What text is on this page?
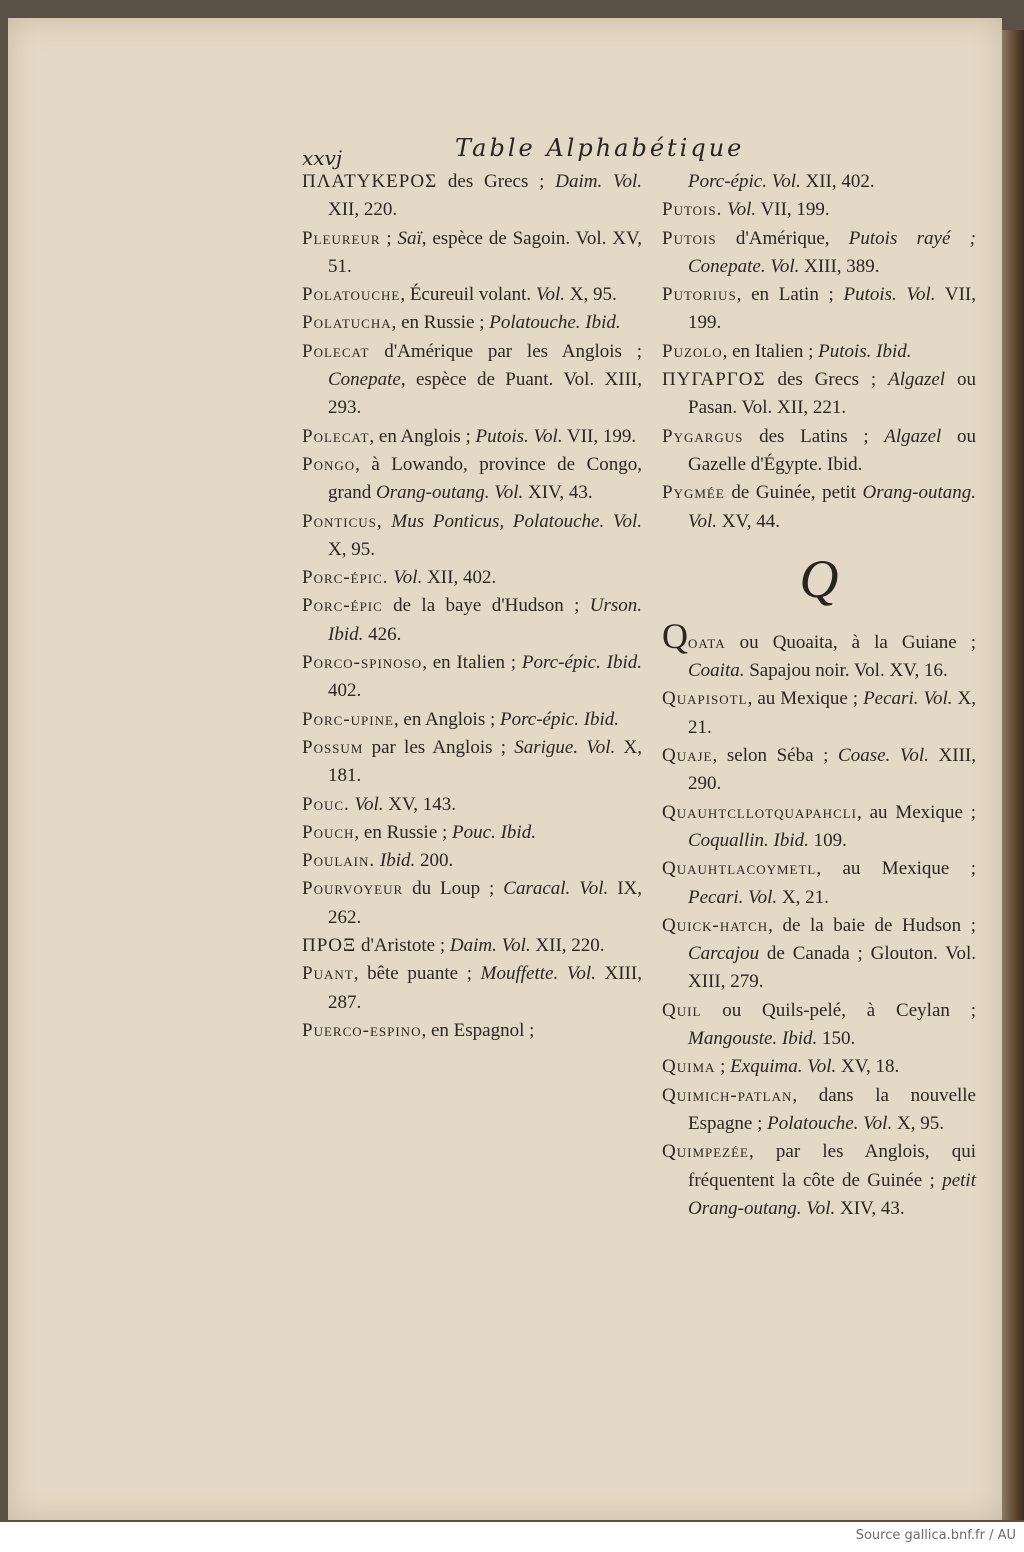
xxvj	Table Alphabétique
ΠΛΑΤΥΚΕΡΟΣ des Grecs ; Daim. Vol. XII, 220.
Pleureur ; Saï, espèce de Sagoin. Vol. XV, 51.
Polatouche, Écureuil volant. Vol. X, 95.
Polatucha, en Russie ; Polatouche. Ibid.
Polecat d'Amérique par les Anglois ; Conepate, espèce de Puant. Vol. XIII, 293.
Polecat, en Anglois ; Putois. Vol. VII, 199.
Pongo, à Lowando, province de Congo, grand Orang-outang. Vol. XIV, 43.
Ponticus, Mus Ponticus, Polatouche. Vol. X, 95.
Porc-épic. Vol. XII, 402.
Porc-épic de la baye d'Hudson ; Urson. Ibid. 426.
Porco-spinoso, en Italien ; Porc-épic. Ibid. 402.
Porc-upine, en Anglois ; Porc-épic. Ibid.
Possum par les Anglois ; Sarigue. Vol. X, 181.
Pouc. Vol. XV, 143.
Pouch, en Russie ; Pouc. Ibid.
Poulain. Ibid. 200.
Pourvoyeur du Loup ; Caracal. Vol. IX, 262.
ΠΡΟΞ d'Aristote ; Daim. Vol. XII, 220.
Puant, bête puante ; Mouffette. Vol. XIII, 287.
Puerco-espino, en Espagnol ;
Porc-épic. Vol. XII, 402.
Putois. Vol. VII, 199.
Putois d'Amérique, Putois rayé ; Conepate. Vol. XIII, 389.
Putorius, en Latin ; Putois. Vol. VII, 199.
Puzolo, en Italien ; Putois. Ibid.
ΠΥΓΑΡΓΟΣ des Grecs ; Algazel ou Pasan. Vol. XII, 221.
Pygargus des Latins ; Algazel ou Gazelle d'Égypte. Ibid.
Pygmée de Guinée, petit Orang-outang. Vol. XV, 44.
Q
Qoata ou Quoaita, à la Guiane ; Coaita. Sapajou noir. Vol. XV, 16.
Quapisotl, au Mexique ; Pecari. Vol. X, 21.
Quaje, selon Séba ; Coase. Vol. XIII, 290.
Quauhtcllotquapahcli, au Mexique ; Coquallin. Ibid. 109.
Quauhtlacoymetl, au Mexique ; Pecari. Vol. X, 21.
Quick-hatch, de la baie de Hudson ; Carcajou de Canada ; Glouton. Vol. XIII, 279.
Quil ou Quils-pelé, à Ceylan ; Mangouste. Ibid. 150.
Quima ; Exquima. Vol. XV, 18.
Quimich-patlan, dans la nouvelle Espagne ; Polatouche. Vol. X, 95.
Quimpezée, par les Anglois, qui fréquentent la côte de Guinée ; petit Orang-outang. Vol. XIV, 43.
Source gallica.bnf.fr / AU
